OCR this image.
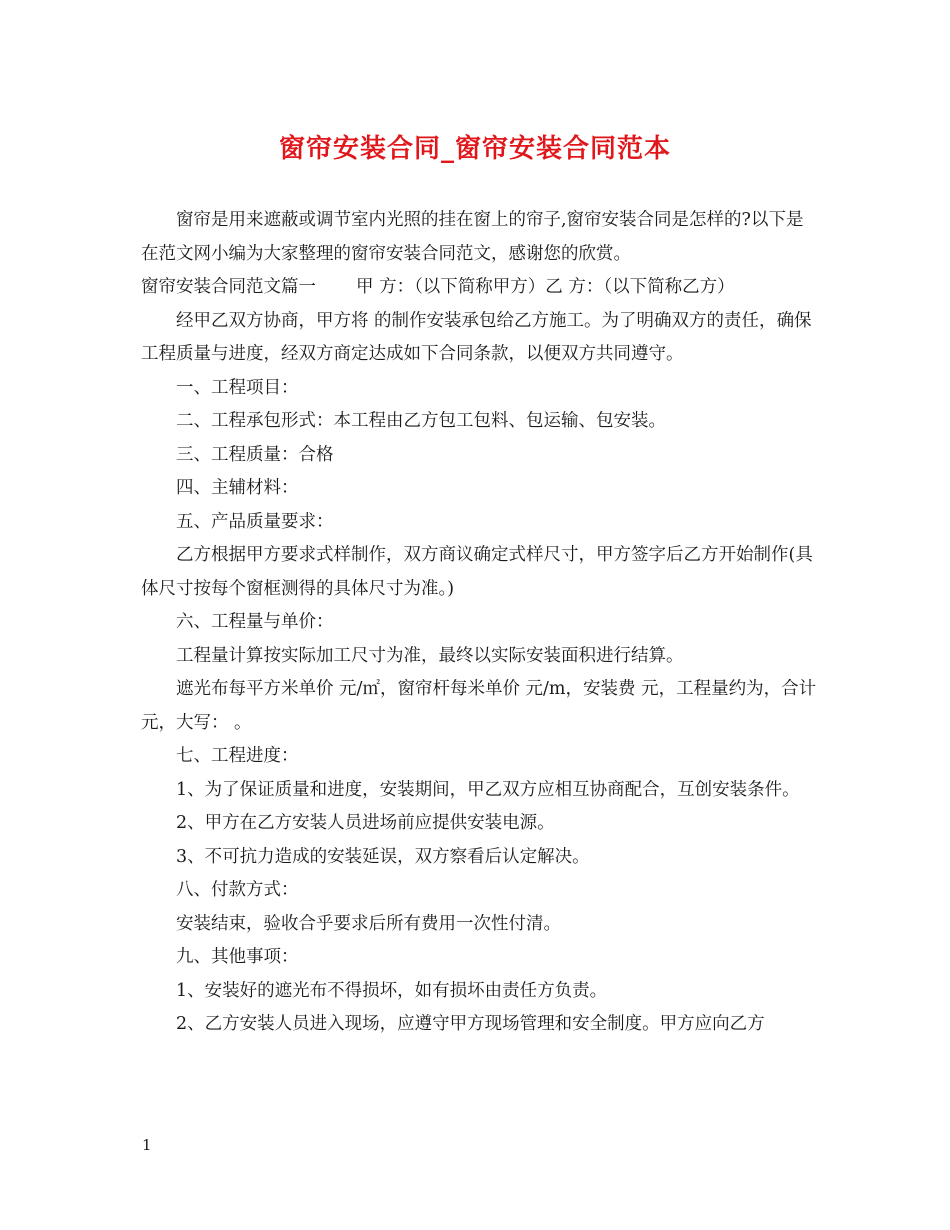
窗帘安装合同_窗帘安装合同范本

窗帘是用来遮蔽或调节室内光照的挂在窗上的帘子,窗帘安装合同是怎样的?以下是在范文网小编为大家整理的窗帘安装合同范文，感谢您的欣赏。

窗帘安装合同范文篇一 甲 方：（以下简称甲方）乙 方：（以下简称乙方）

经甲乙双方协商，甲方将 的制作安装承包给乙方施工。为了明确双方的责任，确保工程质量与进度，经双方商定达成如下合同条款，以便双方共同遵守。

一、工程项目：

二、工程承包形式：本工程由乙方包工包料、包运输、包安装。

三、工程质量：合格

四、主辅材料：

五、产品质量要求：

乙方根据甲方要求式样制作，双方商议确定式样尺寸，甲方签字后乙方开始制作(具体尺寸按每个窗框测得的具体尺寸为准。)

六、工程量与单价：

工程量计算按实际加工尺寸为准，最终以实际安装面积进行结算。

遮光布每平方米单价 元/㎡，窗帘杆每米单价 元/m，安装费 元，工程量约为，合计 元，大写： 。

七、工程进度：

1、为了保证质量和进度，安装期间，甲乙双方应相互协商配合，互创安装条件。

2、甲方在乙方安装人员进场前应提供安装电源。

3、不可抗力造成的安装延误，双方察看后认定解决。

八、付款方式：

安装结束，验收合乎要求后所有费用一次性付清。

九、其他事项：

1、安装好的遮光布不得损坏，如有损坏由责任方负责。

2、乙方安装人员进入现场，应遵守甲方现场管理和安全制度。甲方应向乙方

1
